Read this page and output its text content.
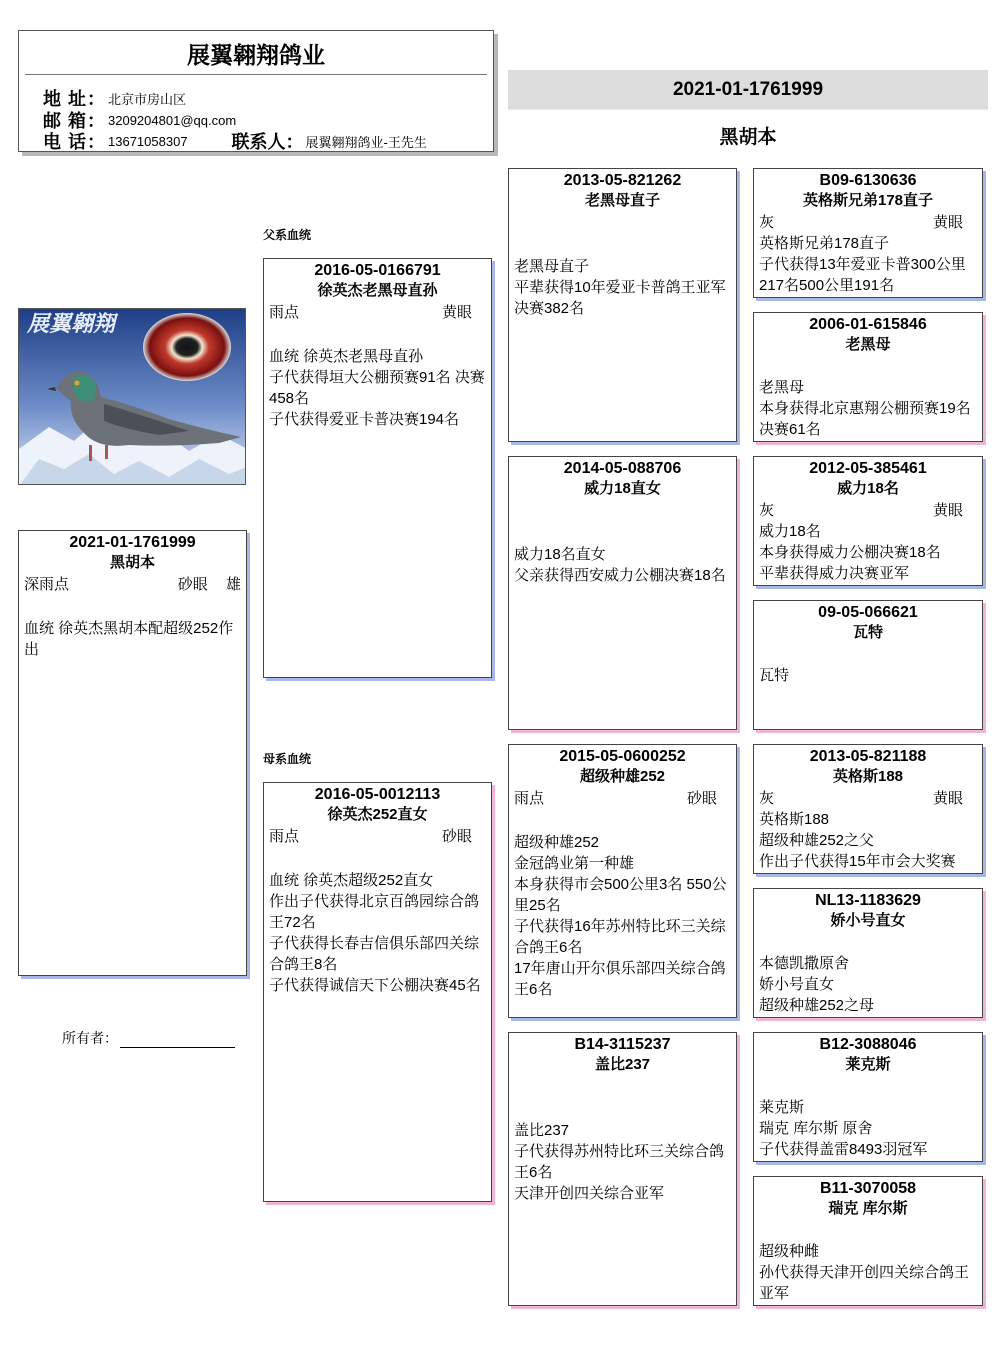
展翼翱翔鸽业
地 址： 北京市房山区
邮 箱： 3209204801@qq.com
电 话： 13671058307 联系人： 展翼翱翔鸽业-王先生
2021-01-1761999
黑胡本
父系血统
母系血统
展翼翱翔
2021-01-1761999
黑胡本
深雨点	砂眼 雄

血统 徐英杰黑胡本配超级252作出

所有者：
2016-05-0166791
徐英杰老黑母直孙
雨点	黄眼

血统 徐英杰老黑母直孙

子代获得垣大公棚预赛91名 决赛458名

子代获得爱亚卡普决赛194名

2016-05-0012113
徐英杰252直女
雨点	砂眼

血统 徐英杰超级252直女

作出子代获得北京百鸽园综合鸽王72名

子代获得长春吉信俱乐部四关综合鸽王8名

子代获得诚信天下公棚决赛45名

2013-05-821262
老黑母直子

老黑母直子

平辈获得10年爱亚卡普鸽王亚军 决赛382名

2014-05-088706
威力18直女

威力18名直女

父亲获得西安威力公棚决赛18名

2015-05-0600252
超级种雄252
雨点	砂眼

超级种雄252

金冠鸽业第一种雄

本身获得市会500公里3名 550公里25名

子代获得16年苏州特比环三关综合鸽王6名

17年唐山开尔俱乐部四关综合鸽王6名

B14-3115237
盖比237

盖比237

子代获得苏州特比环三关综合鸽王6名

天津开创四关综合亚军

B09-6130636
英格斯兄弟178直子
灰	黄眼

英格斯兄弟178直子

子代获得13年爱亚卡普300公里217名500公里191名

2006-01-615846
老黑母

老黑母

本身获得北京惠翔公棚预赛19名 决赛61名

2012-05-385461
威力18名
灰	黄眼

威力18名

本身获得威力公棚决赛18名

平辈获得威力决赛亚军

09-05-066621
瓦特

瓦特

2013-05-821188
英格斯188
灰	黄眼

英格斯188

超级种雄252之父

作出子代获得15年市会大奖赛

NL13-1183629
娇小号直女

本德凯撒原舍

娇小号直女

超级种雄252之母

B12-3088046
莱克斯

莱克斯

瑞克 库尔斯 原舍

子代获得盖雷8493羽冠军

B11-3070058
瑞克 库尔斯

超级种雌

孙代获得天津开创四关综合鸽王亚军
